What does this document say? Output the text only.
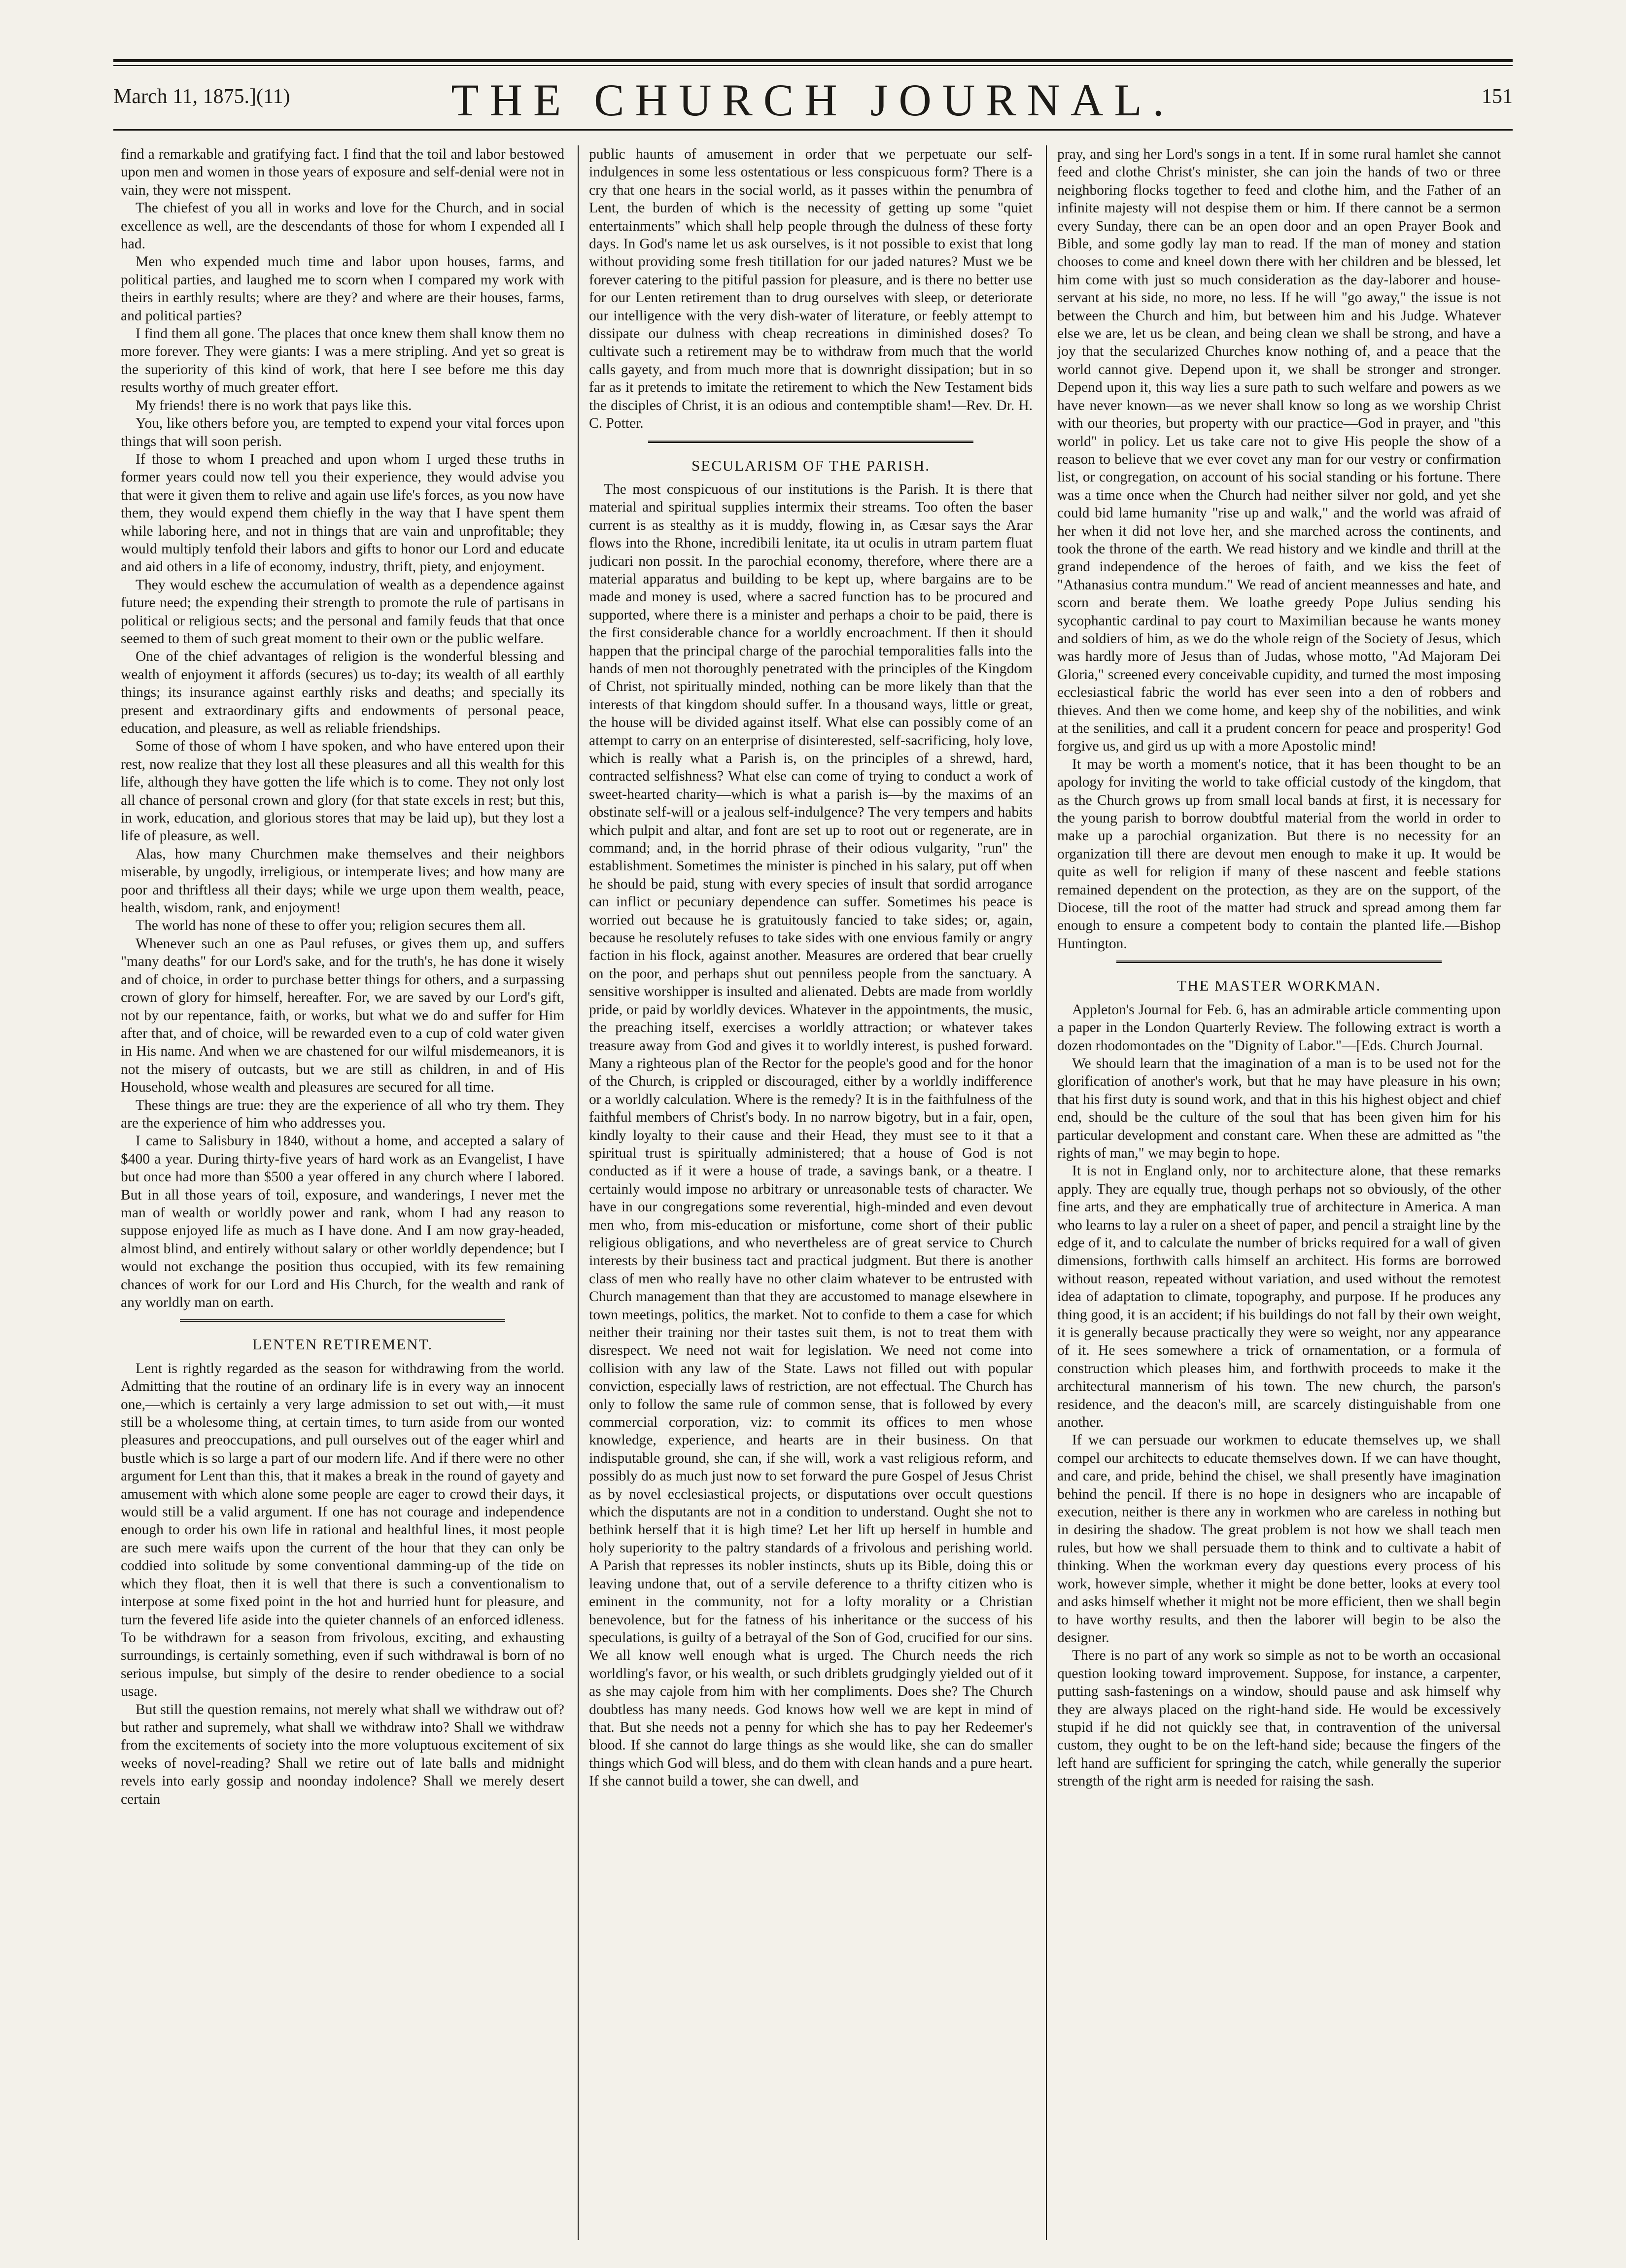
March 11, 1875.](11)	THE CHURCH JOURNAL.	151

find a remarkable and gratifying fact. I find that the toil and labor bestowed upon men and women in those years of exposure and self-denial were not in vain, they were not misspent.

The chiefest of you all in works and love for the Church, and in social excellence as well, are the descendants of those for whom I expended all I had.

Men who expended much time and labor upon houses, farms, and political parties, and laughed me to scorn when I compared my work with theirs in earthly results; where are they? and where are their houses, farms, and political parties?

I find them all gone. The places that once knew them shall know them no more forever. They were giants: I was a mere stripling. And yet so great is the superiority of this kind of work, that here I see before me this day results worthy of much greater effort.

My friends! there is no work that pays like this.

You, like others before you, are tempted to expend your vital forces upon things that will soon perish.

If those to whom I preached and upon whom I urged these truths in former years could now tell you their experience, they would advise you that were it given them to relive and again use life's forces, as you now have them, they would expend them chiefly in the way that I have spent them while laboring here, and not in things that are vain and unprofitable; they would multiply tenfold their labors and gifts to honor our Lord and educate and aid others in a life of economy, industry, thrift, piety, and enjoyment.

They would eschew the accumulation of wealth as a dependence against future need; the expending their strength to promote the rule of partisans in political or religious sects; and the personal and family feuds that that once seemed to them of such great moment to their own or the public welfare.

One of the chief advantages of religion is the wonderful blessing and wealth of enjoyment it affords (secures) us to-day; its wealth of all earthly things; its insurance against earthly risks and deaths; and specially its present and extraordinary gifts and endowments of personal peace, education, and pleasure, as well as reliable friendships.

Some of those of whom I have spoken, and who have entered upon their rest, now realize that they lost all these pleasures and all this wealth for this life, although they have gotten the life which is to come. They not only lost all chance of personal crown and glory (for that state excels in rest; but this, in work, education, and glorious stores that may be laid up), but they lost a life of pleasure, as well.

Alas, how many Churchmen make themselves and their neighbors miserable, by ungodly, irreligious, or intemperate lives; and how many are poor and thriftless all their days; while we urge upon them wealth, peace, health, wisdom, rank, and enjoyment!

The world has none of these to offer you; religion secures them all.

Whenever such an one as Paul refuses, or gives them up, and suffers "many deaths" for our Lord's sake, and for the truth's, he has done it wisely and of choice, in order to purchase better things for others, and a surpassing crown of glory for himself, hereafter. For, we are saved by our Lord's gift, not by our repentance, faith, or works, but what we do and suffer for Him after that, and of choice, will be rewarded even to a cup of cold water given in His name. And when we are chastened for our wilful misdemeanors, it is not the misery of outcasts, but we are still as children, in and of His Household, whose wealth and pleasures are secured for all time.

These things are true: they are the experience of all who try them. They are the experience of him who addresses you.

I came to Salisbury in 1840, without a home, and accepted a salary of $400 a year. During thirty-five years of hard work as an Evangelist, I have but once had more than $500 a year offered in any church where I labored. But in all those years of toil, exposure, and wanderings, I never met the man of wealth or worldly power and rank, whom I had any reason to suppose enjoyed life as much as I have done. And I am now gray-headed, almost blind, and entirely without salary or other worldly dependence; but I would not exchange the position thus occupied, with its few remaining chances of work for our Lord and His Church, for the wealth and rank of any worldly man on earth.

LENTEN RETIREMENT.

Lent is rightly regarded as the season for withdrawing from the world. Admitting that the routine of an ordinary life is in every way an innocent one,—which is certainly a very large admission to set out with,—it must still be a wholesome thing, at certain times, to turn aside from our wonted pleasures and preoccupations, and pull ourselves out of the eager whirl and bustle which is so large a part of our modern life. And if there were no other argument for Lent than this, that it makes a break in the round of gayety and amusement with which alone some people are eager to crowd their days, it would still be a valid argument. If one has not courage and independence enough to order his own life in rational and healthful lines, it most people are such mere waifs upon the current of the hour that they can only be coddied into solitude by some conventional damming-up of the tide on which they float, then it is well that there is such a conventionalism to interpose at some fixed point in the hot and hurried hunt for pleasure, and turn the fevered life aside into the quieter channels of an enforced idleness. To be withdrawn for a season from frivolous, exciting, and exhausting surroundings, is certainly something, even if such withdrawal is born of no serious impulse, but simply of the desire to render obedience to a social usage.

But still the question remains, not merely what shall we withdraw out of? but rather and supremely, what shall we withdraw into? Shall we withdraw from the excitements of society into the more voluptuous excitement of six weeks of novel-reading? Shall we retire out of late balls and midnight revels into early gossip and noonday indolence? Shall we merely desert certain

public haunts of amusement in order that we perpetuate our self-indulgences in some less ostentatious or less conspicuous form? There is a cry that one hears in the social world, as it passes within the penumbra of Lent, the burden of which is the necessity of getting up some "quiet entertainments" which shall help people through the dulness of these forty days. In God's name let us ask ourselves, is it not possible to exist that long without providing some fresh titillation for our jaded natures? Must we be forever catering to the pitiful passion for pleasure, and is there no better use for our Lenten retirement than to drug ourselves with sleep, or deteriorate our intelligence with the very dish-water of literature, or feebly attempt to dissipate our dulness with cheap recreations in diminished doses? To cultivate such a retirement may be to withdraw from much that the world calls gayety, and from much more that is downright dissipation; but in so far as it pretends to imitate the retirement to which the New Testament bids the disciples of Christ, it is an odious and contemptible sham!—Rev. Dr. H. C. Potter.

SECULARISM OF THE PARISH.

The most conspicuous of our institutions is the Parish. It is there that material and spiritual supplies intermix their streams. Too often the baser current is as stealthy as it is muddy, flowing in, as Cæsar says the Arar flows into the Rhone, incredibili lenitate, ita ut oculis in utram partem fluat judicari non possit. In the parochial economy, therefore, where there are a material apparatus and building to be kept up, where bargains are to be made and money is used, where a sacred function has to be procured and supported, where there is a minister and perhaps a choir to be paid, there is the first considerable chance for a worldly encroachment. If then it should happen that the principal charge of the parochial temporalities falls into the hands of men not thoroughly penetrated with the principles of the Kingdom of Christ, not spiritually minded, nothing can be more likely than that the interests of that kingdom should suffer. In a thousand ways, little or great, the house will be divided against itself. What else can possibly come of an attempt to carry on an enterprise of disinterested, self-sacrificing, holy love, which is really what a Parish is, on the principles of a shrewd, hard, contracted selfishness? What else can come of trying to conduct a work of sweet-hearted charity—which is what a parish is—by the maxims of an obstinate self-will or a jealous self-indulgence? The very tempers and habits which pulpit and altar, and font are set up to root out or regenerate, are in command; and, in the horrid phrase of their odious vulgarity, "run" the establishment. Sometimes the minister is pinched in his salary, put off when he should be paid, stung with every species of insult that sordid arrogance can inflict or pecuniary dependence can suffer. Sometimes his peace is worried out because he is gratuitously fancied to take sides; or, again, because he resolutely refuses to take sides with one envious family or angry faction in his flock, against another. Measures are ordered that bear cruelly on the poor, and perhaps shut out penniless people from the sanctuary. A sensitive worshipper is insulted and alienated. Debts are made from worldly pride, or paid by worldly devices. Whatever in the appointments, the music, the preaching itself, exercises a worldly attraction; or whatever takes treasure away from God and gives it to worldly interest, is pushed forward. Many a righteous plan of the Rector for the people's good and for the honor of the Church, is crippled or discouraged, either by a worldly indifference or a worldly calculation. Where is the remedy? It is in the faithfulness of the faithful members of Christ's body. In no narrow bigotry, but in a fair, open, kindly loyalty to their cause and their Head, they must see to it that a spiritual trust is spiritually administered; that a house of God is not conducted as if it were a house of trade, a savings bank, or a theatre. I certainly would impose no arbitrary or unreasonable tests of character. We have in our congregations some reverential, high-minded and even devout men who, from mis-education or misfortune, come short of their public religious obligations, and who nevertheless are of great service to Church interests by their business tact and practical judgment. But there is another class of men who really have no other claim whatever to be entrusted with Church management than that they are accustomed to manage elsewhere in town meetings, politics, the market. Not to confide to them a case for which neither their training nor their tastes suit them, is not to treat them with disrespect. We need not wait for legislation. We need not come into collision with any law of the State. Laws not filled out with popular conviction, especially laws of restriction, are not effectual. The Church has only to follow the same rule of common sense, that is followed by every commercial corporation, viz: to commit its offices to men whose knowledge, experience, and hearts are in their business. On that indisputable ground, she can, if she will, work a vast religious reform, and possibly do as much just now to set forward the pure Gospel of Jesus Christ as by novel ecclesiastical projects, or disputations over occult questions which the disputants are not in a condition to understand. Ought she not to bethink herself that it is high time? Let her lift up herself in humble and holy superiority to the paltry standards of a frivolous and perishing world. A Parish that represses its nobler instincts, shuts up its Bible, doing this or leaving undone that, out of a servile deference to a thrifty citizen who is eminent in the community, not for a lofty morality or a Christian benevolence, but for the fatness of his inheritance or the success of his speculations, is guilty of a betrayal of the Son of God, crucified for our sins. We all know well enough what is urged. The Church needs the rich worldling's favor, or his wealth, or such driblets grudgingly yielded out of it as she may cajole from him with her compliments. Does she? The Church doubtless has many needs. God knows how well we are kept in mind of that. But she needs not a penny for which she has to pay her Redeemer's blood. If she cannot do large things as she would like, she can do smaller things which God will bless, and do them with clean hands and a pure heart. If she cannot build a tower, she can dwell, and

pray, and sing her Lord's songs in a tent. If in some rural hamlet she cannot feed and clothe Christ's minister, she can join the hands of two or three neighboring flocks together to feed and clothe him, and the Father of an infinite majesty will not despise them or him. If there cannot be a sermon every Sunday, there can be an open door and an open Prayer Book and Bible, and some godly lay man to read. If the man of money and station chooses to come and kneel down there with her children and be blessed, let him come with just so much consideration as the day-laborer and house-servant at his side, no more, no less. If he will "go away," the issue is not between the Church and him, but between him and his Judge. Whatever else we are, let us be clean, and being clean we shall be strong, and have a joy that the secularized Churches know nothing of, and a peace that the world cannot give. Depend upon it, we shall be stronger and stronger. Depend upon it, this way lies a sure path to such welfare and powers as we have never known—as we never shall know so long as we worship Christ with our theories, but property with our practice—God in prayer, and "this world" in policy. Let us take care not to give His people the show of a reason to believe that we ever covet any man for our vestry or confirmation list, or congregation, on account of his social standing or his fortune. There was a time once when the Church had neither silver nor gold, and yet she could bid lame humanity "rise up and walk," and the world was afraid of her when it did not love her, and she marched across the continents, and took the throne of the earth. We read history and we kindle and thrill at the grand independence of the heroes of faith, and we kiss the feet of "Athanasius contra mundum." We read of ancient meannesses and hate, and scorn and berate them. We loathe greedy Pope Julius sending his sycophantic cardinal to pay court to Maximilian because he wants money and soldiers of him, as we do the whole reign of the Society of Jesus, which was hardly more of Jesus than of Judas, whose motto, "Ad Majoram Dei Gloria," screened every conceivable cupidity, and turned the most imposing ecclesiastical fabric the world has ever seen into a den of robbers and thieves. And then we come home, and keep shy of the nobilities, and wink at the senilities, and call it a prudent concern for peace and prosperity! God forgive us, and gird us up with a more Apostolic mind!

It may be worth a moment's notice, that it has been thought to be an apology for inviting the world to take official custody of the kingdom, that as the Church grows up from small local bands at first, it is necessary for the young parish to borrow doubtful material from the world in order to make up a parochial organization. But there is no necessity for an organization till there are devout men enough to make it up. It would be quite as well for religion if many of these nascent and feeble stations remained dependent on the protection, as they are on the support, of the Diocese, till the root of the matter had struck and spread among them far enough to ensure a competent body to contain the planted life.—Bishop Huntington.

THE MASTER WORKMAN.

Appleton's Journal for Feb. 6, has an admirable article commenting upon a paper in the London Quarterly Review. The following extract is worth a dozen rhodomontades on the "Dignity of Labor."—[Eds. Church Journal.

We should learn that the imagination of a man is to be used not for the glorification of another's work, but that he may have pleasure in his own; that his first duty is sound work, and that in this his highest object and chief end, should be the culture of the soul that has been given him for his particular development and constant care. When these are admitted as "the rights of man," we may begin to hope.

It is not in England only, nor to architecture alone, that these remarks apply. They are equally true, though perhaps not so obviously, of the other fine arts, and they are emphatically true of architecture in America. A man who learns to lay a ruler on a sheet of paper, and pencil a straight line by the edge of it, and to calculate the number of bricks required for a wall of given dimensions, forthwith calls himself an architect. His forms are borrowed without reason, repeated without variation, and used without the remotest idea of adaptation to climate, topography, and purpose. If he produces any thing good, it is an accident; if his buildings do not fall by their own weight, it is generally because practically they were so weight, nor any appearance of it. He sees somewhere a trick of ornamentation, or a formula of construction which pleases him, and forthwith proceeds to make it the architectural mannerism of his town. The new church, the parson's residence, and the deacon's mill, are scarcely distinguishable from one another.

If we can persuade our workmen to educate themselves up, we shall compel our architects to educate themselves down. If we can have thought, and care, and pride, behind the chisel, we shall presently have imagination behind the pencil. If there is no hope in designers who are incapable of execution, neither is there any in workmen who are careless in nothing but in desiring the shadow. The great problem is not how we shall teach men rules, but how we shall persuade them to think and to cultivate a habit of thinking. When the workman every day questions every process of his work, however simple, whether it might be done better, looks at every tool and asks himself whether it might not be more efficient, then we shall begin to have worthy results, and then the laborer will begin to be also the designer.

There is no part of any work so simple as not to be worth an occasional question looking toward improvement. Suppose, for instance, a carpenter, putting sash-fastenings on a window, should pause and ask himself why they are always placed on the right-hand side. He would be excessively stupid if he did not quickly see that, in contravention of the universal custom, they ought to be on the left-hand side; because the fingers of the left hand are sufficient for springing the catch, while generally the superior strength of the right arm is needed for raising the sash.
